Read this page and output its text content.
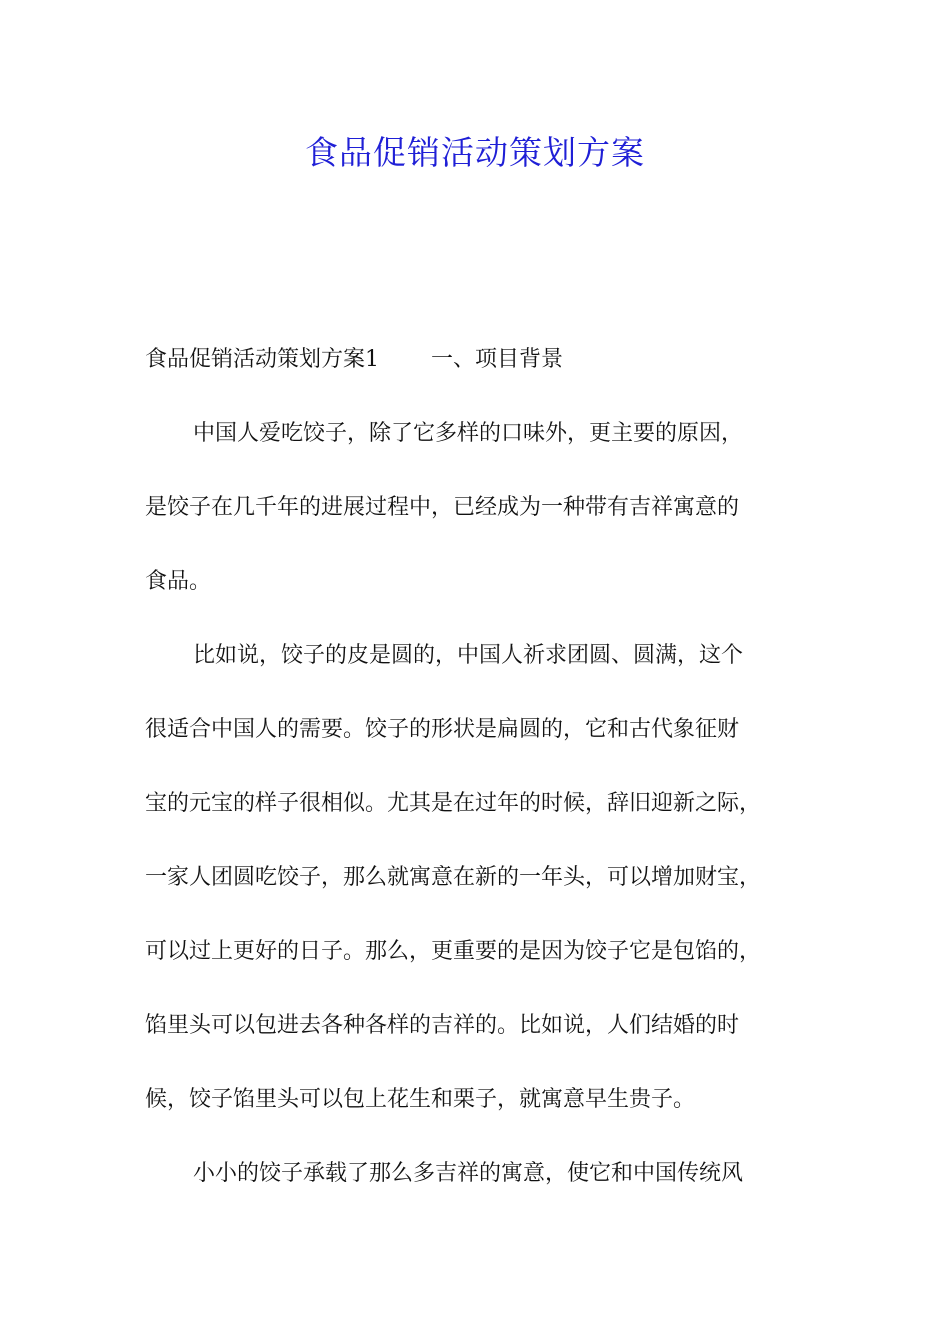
食品促销活动策划方案
食品促销活动策划方案1 一、项目背景
中国人爱吃饺子，除了它多样的口味外，更主要的原因，
是饺子在几千年的进展过程中，已经成为一种带有吉祥寓意的
食品。
比如说，饺子的皮是圆的，中国人祈求团圆、圆满，这个
很适合中国人的需要。饺子的形状是扁圆的，它和古代象征财
宝的元宝的样子很相似。尤其是在过年的时候，辞旧迎新之际，
一家人团圆吃饺子，那么就寓意在新的一年头，可以增加财宝，
可以过上更好的日子。那么，更重要的是因为饺子它是包馅的，
馅里头可以包进去各种各样的吉祥的。比如说，人们结婚的时
候，饺子馅里头可以包上花生和栗子，就寓意早生贵子。
小小的饺子承载了那么多吉祥的寓意，使它和中国传统风
